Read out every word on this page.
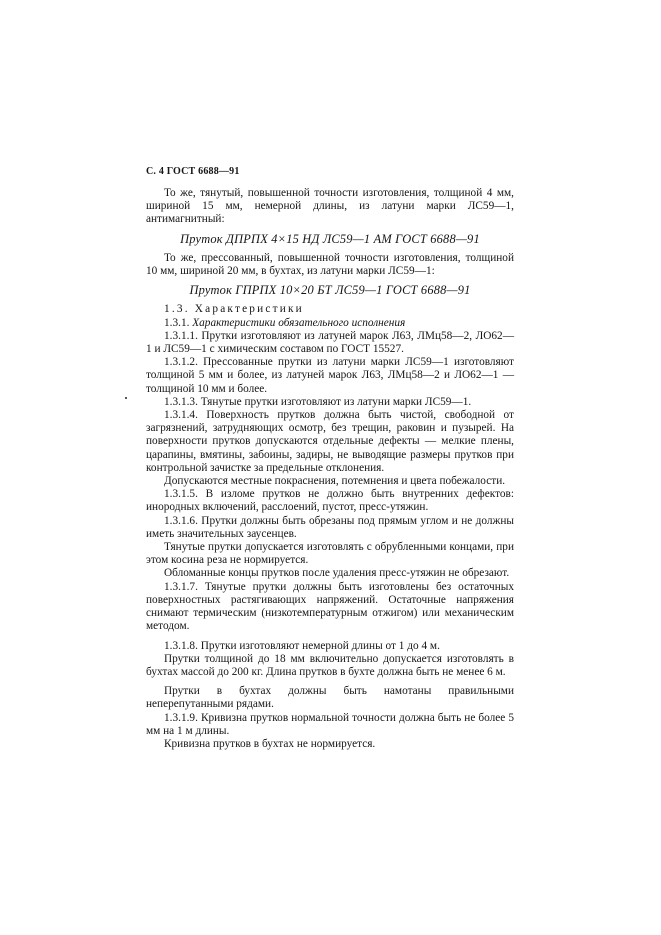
С. 4 ГОСТ 6688—91

То же, тянутый, повышенной точности изготовления, толщиной 4 мм, шириной 15 мм, немерной длины, из латуни марки ЛС59—1, антимагнитный:

Пруток ДПРПХ 4×15 НД ЛС59—1 АМ ГОСТ 6688—91

То же, прессованный, повышенной точности изготовления, толщиной 10 мм, шириной 20 мм, в бухтах, из латуни марки ЛС59—1:

Пруток ГПРПХ 10×20 БТ ЛС59—1 ГОСТ 6688—91

1.3. Характеристики

1.3.1. Характеристики обязательного исполнения

1.3.1.1. Прутки изготовляют из латуней марок Л63, ЛМц58—2, ЛО62—1 и ЛС59—1 с химическим составом по ГОСТ 15527.

1.3.1.2. Прессованные прутки из латуни марки ЛС59—1 изготовляют толщиной 5 мм и более, из латуней марок Л63, ЛМц58—2 и ЛО62—1 — толщиной 10 мм и более.

1.3.1.3. Тянутые прутки изготовляют из латуни марки ЛС59—1.

1.3.1.4. Поверхность прутков должна быть чистой, свободной от загрязнений, затрудняющих осмотр, без трещин, раковин и пузырей. На поверхности прутков допускаются отдельные дефекты — мелкие плены, царапины, вмятины, забоины, задиры, не выводящие размеры прутков при контрольной зачистке за предельные отклонения.

Допускаются местные покраснения, потемнения и цвета побежалости.

1.3.1.5. В изломе прутков не должно быть внутренних дефектов: инородных включений, расслоений, пустот, пресс-утяжин.

1.3.1.6. Прутки должны быть обрезаны под прямым углом и не должны иметь значительных заусенцев.

Тянутые прутки допускается изготовлять с обрубленными концами, при этом косина реза не нормируется.

Обломанные концы прутков после удаления пресс-утяжин не обрезают.

1.3.1.7. Тянутые прутки должны быть изготовлены без остаточных поверхностных растягивающих напряжений. Остаточные напряжения снимают термическим (низкотемпературным отжигом) или механическим методом.

1.3.1.8. Прутки изготовляют немерной длины от 1 до 4 м.

Прутки толщиной до 18 мм включительно допускается изготовлять в бухтах массой до 200 кг. Длина прутков в бухте должна быть не менее 6 м.

Прутки в бухтах должны быть намотаны правильными неперепутанными рядами.

1.3.1.9. Кривизна прутков нормальной точности должна быть не более 5 мм на 1 м длины.

Кривизна прутков в бухтах не нормируется.
